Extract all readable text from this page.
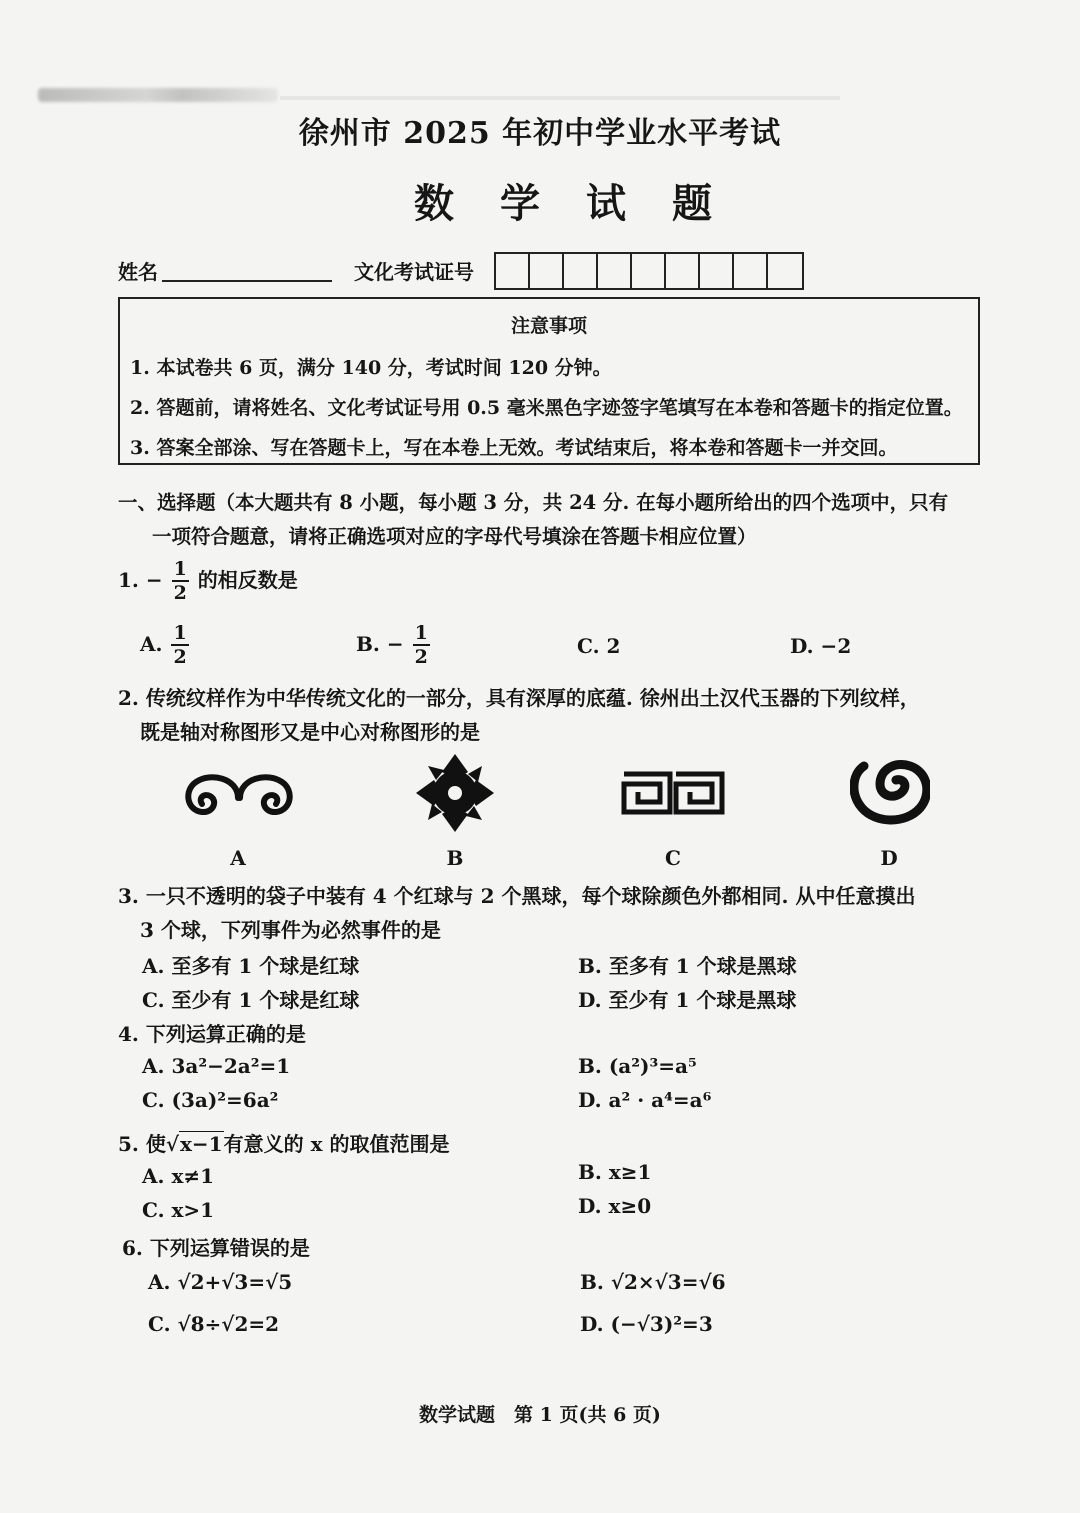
徐州市 2025 年初中学业水平考试
数学试题
姓名	文化考试证号
注意事项
1. 本试卷共 6 页，满分 140 分，考试时间 120 分钟。
2. 答题前，请将姓名、文化考试证号用 0.5 毫米黑色字迹签字笔填写在本卷和答题卡的指定位置。
3. 答案全部涂、写在答题卡上，写在本卷上无效。考试结束后，将本卷和答题卡一并交回。
一、选择题（本大题共有 8 小题，每小题 3 分，共 24 分. 在每小题所给出的四个选项中，只有
一项符合题意，请将正确选项对应的字母代号填涂在答题卡相应位置）
1. − $\frac{1}{2}$ 的相反数是
A. $\frac{1}{2}$	B. − $\frac{1}{2}$	C. 2	D. −2
2. 传统纹样作为中华传统文化的一部分，具有深厚的底蕴. 徐州出土汉代玉器的下列纹样，
既是轴对称图形又是中心对称图形的是
A	B	C	D
3. 一只不透明的袋子中装有 4 个红球与 2 个黑球，每个球除颜色外都相同. 从中任意摸出
3 个球，下列事件为必然事件的是
A. 至多有 1 个球是红球	B. 至多有 1 个球是黑球
C. 至少有 1 个球是红球	D. 至少有 1 个球是黑球
4. 下列运算正确的是
A. 3a²−2a²=1	B. (a²)³=a⁵
C. (3a)²=6a²	D. a² · a⁴=a⁶
5. 使√x−1有意义的 x 的取值范围是
A. x≠1	B. x≥1
C. x>1	D. x≥0
6. 下列运算错误的是
A. √2+√3=√5	B. √2×√3=√6
C. √8÷√2=2	D. (−√3)²=3
数学试题　第 1 页(共 6 页)
